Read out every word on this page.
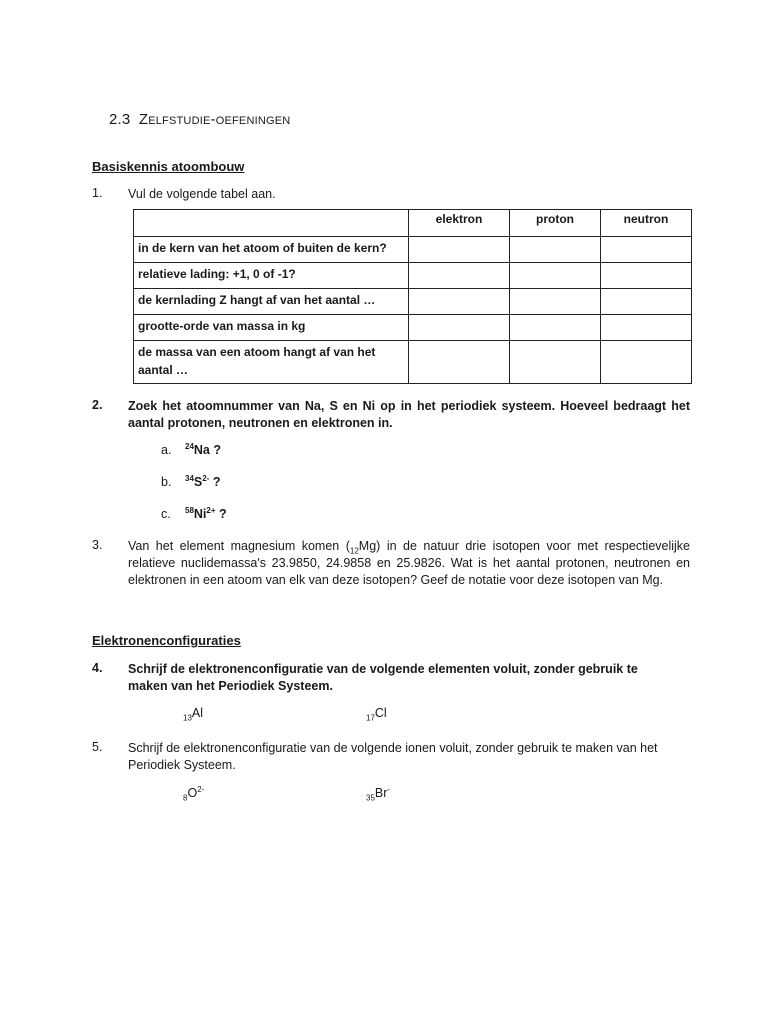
2.3 Zelfstudie-oefeningen
Basiskennis atoombouw
1. Vul de volgende tabel aan.
	elektron	proton	neutron
in de kern van het atoom of buiten de kern?			
relatieve lading: +1, 0 of -1?			
de kernlading Z hangt af van het aantal …			
grootte-orde van massa in kg			
de massa van een atoom hangt af van het aantal …			
2. Zoek het atoomnummer van Na, S en Ni op in het periodiek systeem. Hoeveel bedraagt het aantal protonen, neutronen en elektronen in.
a. $^{24}$Na ?
b. $^{34}S^{2-}$ ?
c. $^{58}Ni^{2+}$ ?
3. Van het element magnesium komen $(_{12}Mg)$ in de natuur drie isotopen voor met respectievelijke relatieve nuclidemassa's 23.9850, 24.9858 en 25.9826. Wat is het aantal protonen, neutronen en elektronen in een atoom van elk van deze isotopen? Geef de notatie voor deze isotopen van Mg.
Elektronenconfiguraties
4. Schrijf de elektronenconfiguratie van de volgende elementen voluit, zonder gebruik te maken van het Periodiek Systeem.
$_{13}$Al	$_{17}$Cl
5. Schrijf de elektronenconfiguratie van de volgende ionen voluit, zonder gebruik te maken van het Periodiek Systeem.
$_8O^{2-}$
$_{35}$Br-
